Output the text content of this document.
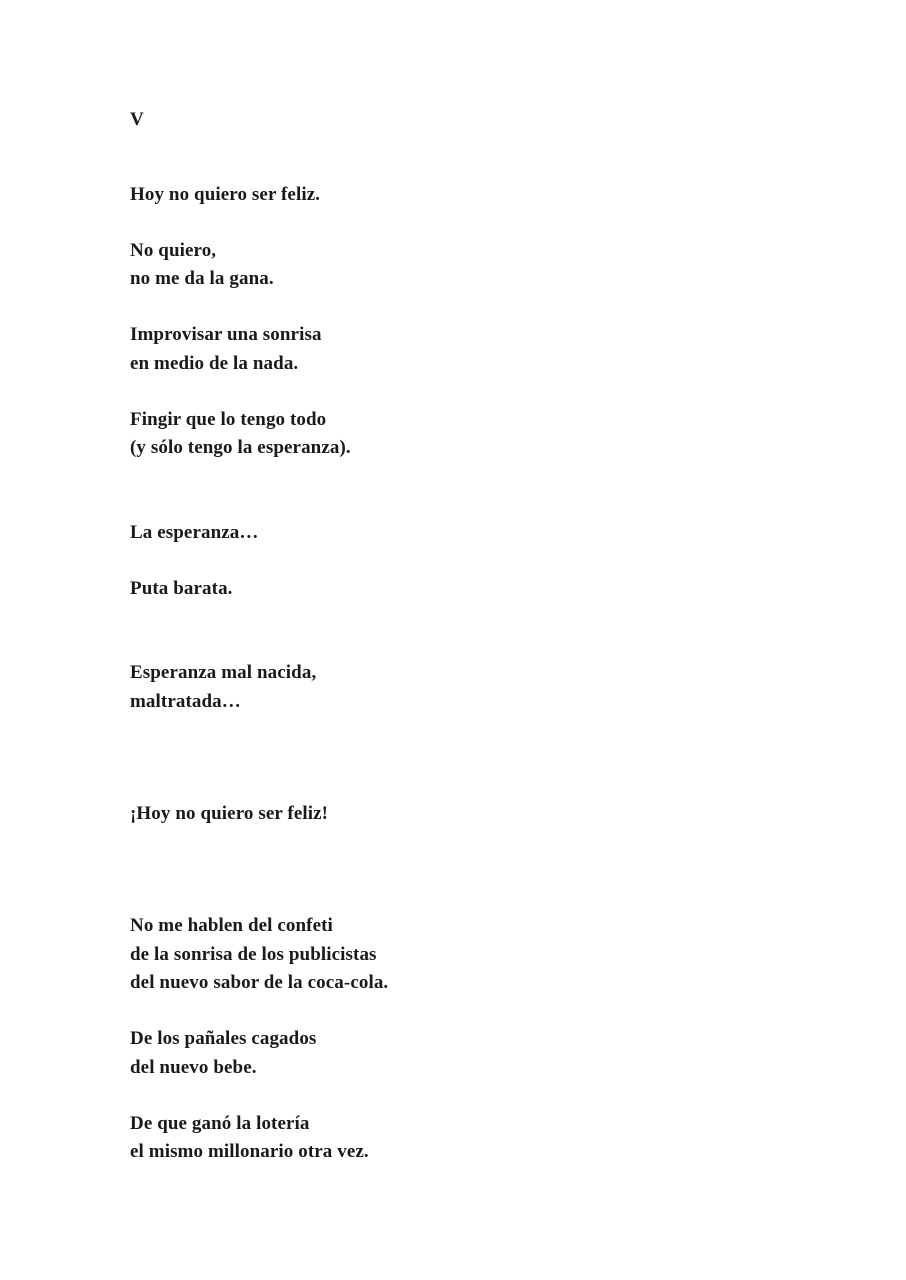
V
Hoy no quiero ser feliz.
No quiero,
no me da la gana.
Improvisar una sonrisa
en medio de la nada.
Fingir que lo tengo todo
(y sólo tengo la esperanza).
La esperanza…
Puta barata.
Esperanza mal nacida,
maltratada…
¡Hoy no quiero ser feliz!
No me hablen del confeti
de la sonrisa de los publicistas
del nuevo sabor de la coca-cola.
De los pañales cagados
del nuevo bebe.
De que ganó la lotería
el mismo millonario otra vez.
